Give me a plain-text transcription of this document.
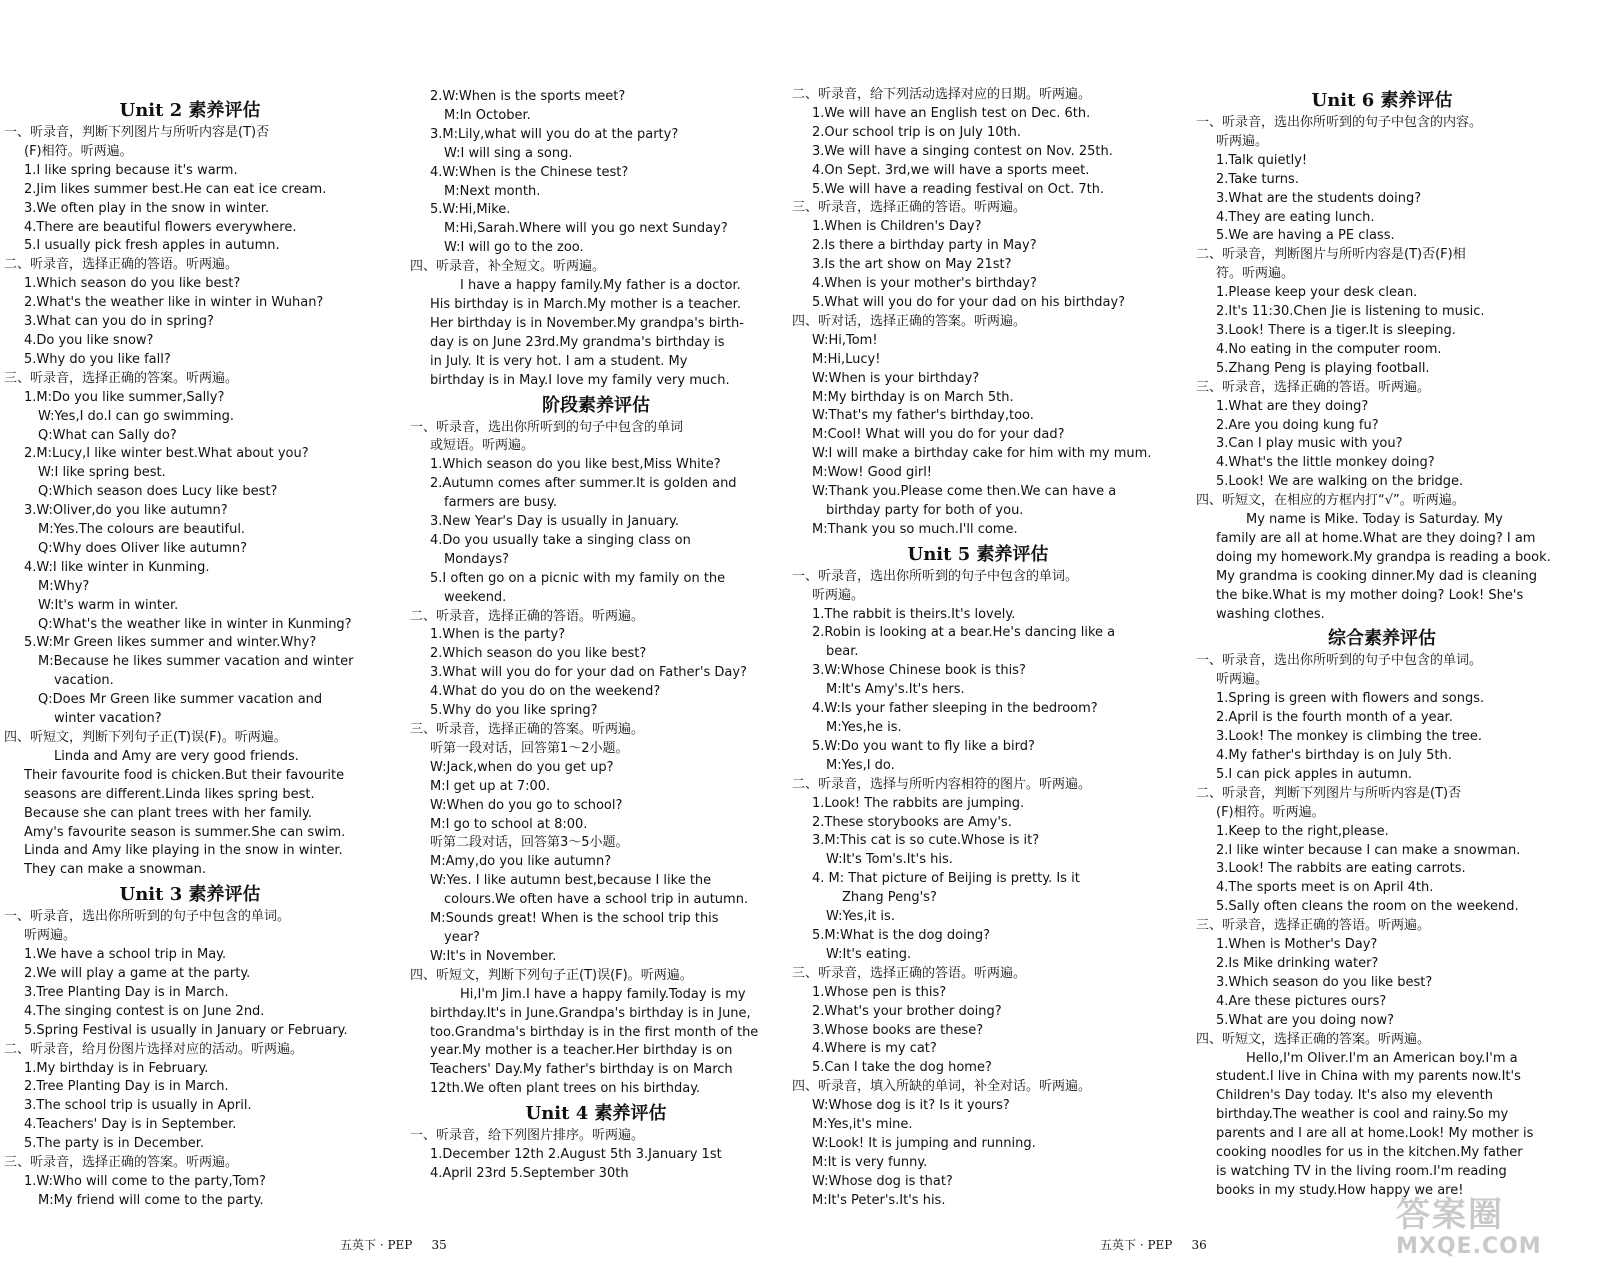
Unit 2 素养评估
一、听录音，判断下列图片与所听内容是(T)否
(F)相符。听两遍。
1.I like spring because it's warm.
2.Jim likes summer best.He can eat ice cream.
3.We often play in the snow in winter.
4.There are beautiful flowers everywhere.
5.I usually pick fresh apples in autumn.
二、听录音，选择正确的答语。听两遍。
1.Which season do you like best?
2.What's the weather like in winter in Wuhan?
3.What can you do in spring?
4.Do you like snow?
5.Why do you like fall?
三、听录音，选择正确的答案。听两遍。
1.M:Do you like summer,Sally?
W:Yes,I do.I can go swimming.
Q:What can Sally do?
2.M:Lucy,I like winter best.What about you?
W:I like spring best.
Q:Which season does Lucy like best?
3.W:Oliver,do you like autumn?
M:Yes.The colours are beautiful.
Q:Why does Oliver like autumn?
4.W:I like winter in Kunming.
M:Why?
W:It's warm in winter.
Q:What's the weather like in winter in Kunming?
5.W:Mr Green likes summer and winter.Why?
M:Because he likes summer vacation and winter
vacation.
Q:Does Mr Green like summer vacation and
winter vacation?
四、听短文，判断下列句子正(T)误(F)。听两遍。
Linda and Amy are very good friends.
Their favourite food is chicken.But their favourite
seasons are different.Linda likes spring best.
Because she can plant trees with her family.
Amy's favourite season is summer.She can swim.
Linda and Amy like playing in the snow in winter.
They can make a snowman.
Unit 3 素养评估
一、听录音，选出你所听到的句子中包含的单词。
听两遍。
1.We have a school trip in May.
2.We will play a game at the party.
3.Tree Planting Day is in March.
4.The singing contest is on June 2nd.
5.Spring Festival is usually in January or February.
二、听录音，给月份图片选择对应的活动。听两遍。
1.My birthday is in February.
2.Tree Planting Day is in March.
3.The school trip is usually in April.
4.Teachers' Day is in September.
5.The party is in December.
三、听录音，选择正确的答案。听两遍。
1.W:Who will come to the party,Tom?
M:My friend will come to the party.
2.W:When is the sports meet?
M:In October.
3.M:Lily,what will you do at the party?
W:I will sing a song.
4.W:When is the Chinese test?
M:Next month.
5.W:Hi,Mike.
M:Hi,Sarah.Where will you go next Sunday?
W:I will go to the zoo.
四、听录音，补全短文。听两遍。
I have a happy family.My father is a doctor.
His birthday is in March.My mother is a teacher.
Her birthday is in November.My grandpa's birth-
day is on June 23rd.My grandma's birthday is
in July. It is very hot. I am a student. My
birthday is in May.I love my family very much.
阶段素养评估
一、听录音，选出你所听到的句子中包含的单词
或短语。听两遍。
1.Which season do you like best,Miss White?
2.Autumn comes after summer.It is golden and
farmers are busy.
3.New Year's Day is usually in January.
4.Do you usually take a singing class on
Mondays?
5.I often go on a picnic with my family on the
weekend.
二、听录音，选择正确的答语。听两遍。
1.When is the party?
2.Which season do you like best?
3.What will you do for your dad on Father's Day?
4.What do you do on the weekend?
5.Why do you like spring?
三、听录音，选择正确的答案。听两遍。
听第一段对话，回答第1～2小题。
W:Jack,when do you get up?
M:I get up at 7:00.
W:When do you go to school?
M:I go to school at 8:00.
听第二段对话，回答第3～5小题。
M:Amy,do you like autumn?
W:Yes. I like autumn best,because I like the
colours.We often have a school trip in autumn.
M:Sounds great! When is the school trip this
year?
W:It's in November.
四、听短文，判断下列句子正(T)误(F)。听两遍。
Hi,I'm Jim.I have a happy family.Today is my
birthday.It's in June.Grandpa's birthday is in June,
too.Grandma's birthday is in the first month of the
year.My mother is a teacher.Her birthday is on
Teachers' Day.My father's birthday is on March
12th.We often plant trees on his birthday.
Unit 4 素养评估
一、听录音，给下列图片排序。听两遍。
1.December 12th 2.August 5th 3.January 1st
4.April 23rd 5.September 30th
五英下 · PEP 35
二、听录音，给下列活动选择对应的日期。听两遍。
1.We will have an English test on Dec. 6th.
2.Our school trip is on July 10th.
3.We will have a singing contest on Nov. 25th.
4.On Sept. 3rd,we will have a sports meet.
5.We will have a reading festival on Oct. 7th.
三、听录音，选择正确的答语。听两遍。
1.When is Children's Day?
2.Is there a birthday party in May?
3.Is the art show on May 21st?
4.When is your mother's birthday?
5.What will you do for your dad on his birthday?
四、听对话，选择正确的答案。听两遍。
W:Hi,Tom!
M:Hi,Lucy!
W:When is your birthday?
M:My birthday is on March 5th.
W:That's my father's birthday,too.
M:Cool! What will you do for your dad?
W:I will make a birthday cake for him with my mum.
M:Wow! Good girl!
W:Thank you.Please come then.We can have a
birthday party for both of you.
M:Thank you so much.I'll come.
Unit 5 素养评估
一、听录音，选出你所听到的句子中包含的单词。
听两遍。
1.The rabbit is theirs.It's lovely.
2.Robin is looking at a bear.He's dancing like a
bear.
3.W:Whose Chinese book is this?
M:It's Amy's.It's hers.
4.W:Is your father sleeping in the bedroom?
M:Yes,he is.
5.W:Do you want to fly like a bird?
M:Yes,I do.
二、听录音，选择与所听内容相符的图片。听两遍。
1.Look! The rabbits are jumping.
2.These storybooks are Amy's.
3.M:This cat is so cute.Whose is it?
W:It's Tom's.It's his.
4. M: That picture of Beijing is pretty. Is it
Zhang Peng's?
W:Yes,it is.
5.M:What is the dog doing?
W:It's eating.
三、听录音，选择正确的答语。听两遍。
1.Whose pen is this?
2.What's your brother doing?
3.Whose books are these?
4.Where is my cat?
5.Can I take the dog home?
四、听录音，填入所缺的单词，补全对话。听两遍。
W:Whose dog is it? Is it yours?
M:Yes,it's mine.
W:Look! It is jumping and running.
M:It is very funny.
W:Whose dog is that?
M:It's Peter's.It's his.
Unit 6 素养评估
一、听录音，选出你所听到的句子中包含的内容。
听两遍。
1.Talk quietly!
2.Take turns.
3.What are the students doing?
4.They are eating lunch.
5.We are having a PE class.
二、听录音，判断图片与所听内容是(T)否(F)相
符。听两遍。
1.Please keep your desk clean.
2.It's 11:30.Chen Jie is listening to music.
3.Look! There is a tiger.It is sleeping.
4.No eating in the computer room.
5.Zhang Peng is playing football.
三、听录音，选择正确的答语。听两遍。
1.What are they doing?
2.Are you doing kung fu?
3.Can I play music with you?
4.What's the little monkey doing?
5.Look! We are walking on the bridge.
四、听短文，在相应的方框内打“√”。听两遍。
My name is Mike. Today is Saturday. My
family are all at home.What are they doing? I am
doing my homework.My grandpa is reading a book.
My grandma is cooking dinner.My dad is cleaning
the bike.What is my mother doing? Look! She's
washing clothes.
综合素养评估
一、听录音，选出你所听到的句子中包含的单词。
听两遍。
1.Spring is green with flowers and songs.
2.April is the fourth month of a year.
3.Look! The monkey is climbing the tree.
4.My father's birthday is on July 5th.
5.I can pick apples in autumn.
二、听录音，判断下列图片与所听内容是(T)否
(F)相符。听两遍。
1.Keep to the right,please.
2.I like winter because I can make a snowman.
3.Look! The rabbits are eating carrots.
4.The sports meet is on April 4th.
5.Sally often cleans the room on the weekend.
三、听录音，选择正确的答语。听两遍。
1.When is Mother's Day?
2.Is Mike drinking water?
3.Which season do you like best?
4.Are these pictures ours?
5.What are you doing now?
四、听短文，选择正确的答案。听两遍。
Hello,I'm Oliver.I'm an American boy.I'm a
student.I live in China with my parents now.It's
Children's Day today. It's also my eleventh
birthday.The weather is cool and rainy.So my
parents and I are all at home.Look! My mother is
cooking noodles for us in the kitchen.My father
is watching TV in the living room.I'm reading
books in my study.How happy we are!
五英下 · PEP 36
答案圈
MXQE.COM
